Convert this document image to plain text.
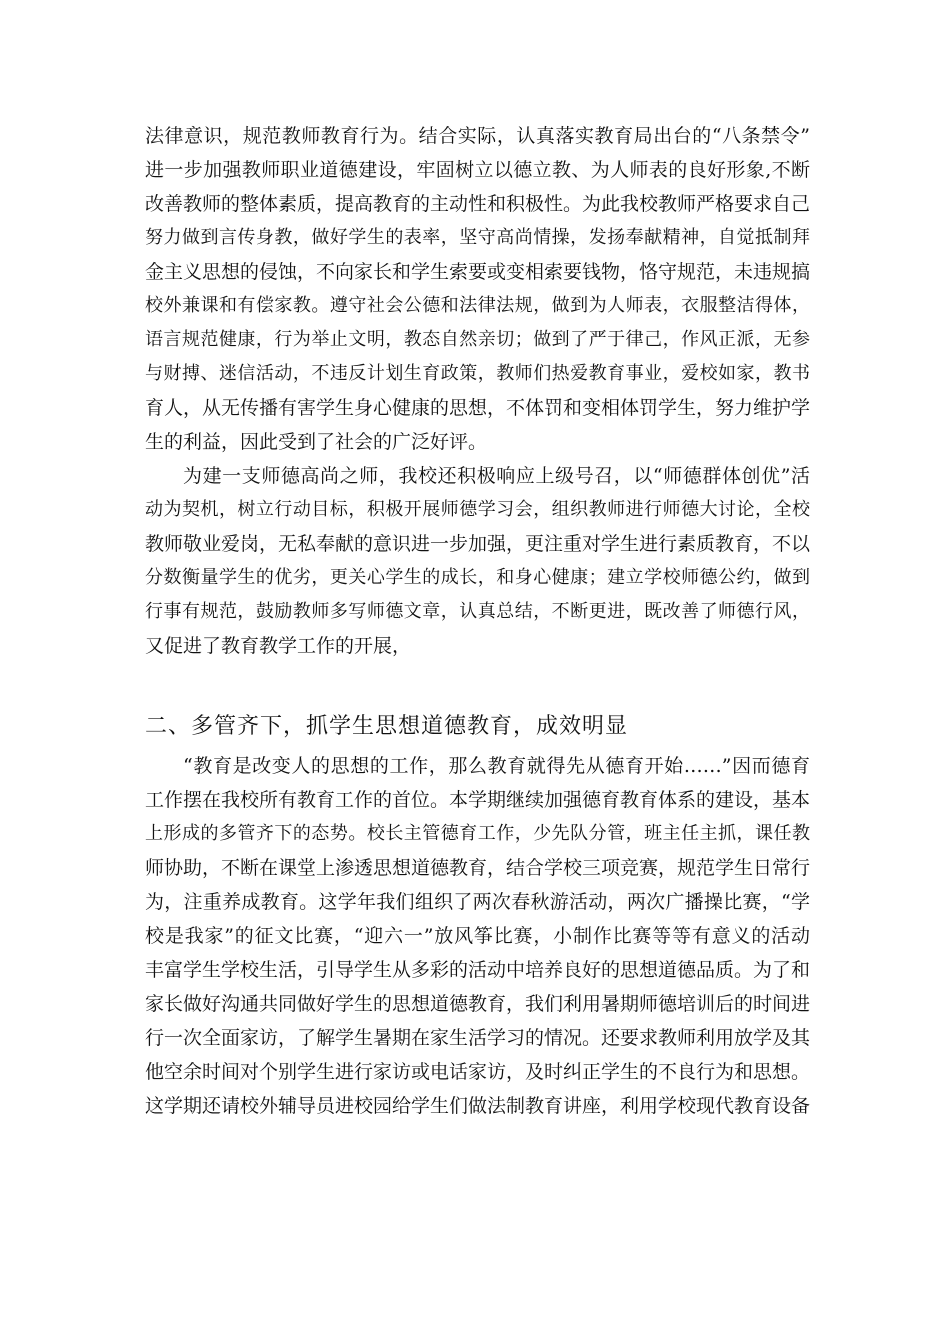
法律意识，规范教师教育行为。结合实际，认真落实教育局出台的“八条禁令”
进一步加强教师职业道德建设，牢固树立以德立教、为人师表的良好形象,不断
改善教师的整体素质，提高教育的主动性和积极性。为此我校教师严格要求自己
努力做到言传身教，做好学生的表率，坚守高尚情操，发扬奉献精神，自觉抵制拜
金主义思想的侵蚀，不向家长和学生索要或变相索要钱物，恪守规范，未违规搞
校外兼课和有偿家教。遵守社会公德和法律法规，做到为人师表，衣服整洁得体，
语言规范健康，行为举止文明，教态自然亲切；做到了严于律己，作风正派，无参
与财搏、迷信活动，不违反计划生育政策，教师们热爱教育事业，爱校如家，教书
育人，从无传播有害学生身心健康的思想，不体罚和变相体罚学生，努力维护学
生的利益，因此受到了社会的广泛好评。
为建一支师德高尚之师，我校还积极响应上级号召，以“师德群体创优”活
动为契机，树立行动目标，积极开展师德学习会，组织教师进行师德大讨论，全校
教师敬业爱岗，无私奉献的意识进一步加强，更注重对学生进行素质教育，不以
分数衡量学生的优劣，更关心学生的成长，和身心健康；建立学校师德公约，做到
行事有规范，鼓励教师多写师德文章，认真总结，不断更进，既改善了师德行风，
又促进了教育教学工作的开展，
二、多管齐下，抓学生思想道德教育，成效明显
“教育是改变人的思想的工作，那么教育就得先从德育开始……”因而德育
工作摆在我校所有教育工作的首位。本学期继续加强德育教育体系的建设，基本
上形成的多管齐下的态势。校长主管德育工作，少先队分管，班主任主抓，课任教
师协助，不断在课堂上渗透思想道德教育，结合学校三项竞赛，规范学生日常行
为，注重养成教育。这学年我们组织了两次春秋游活动，两次广播操比赛，“学
校是我家”的征文比赛，“迎六一”放风筝比赛，小制作比赛等等有意义的活动
丰富学生学校生活，引导学生从多彩的活动中培养良好的思想道德品质。为了和
家长做好沟通共同做好学生的思想道德教育，我们利用暑期师德培训后的时间进
行一次全面家访，了解学生暑期在家生活学习的情况。还要求教师利用放学及其
他空余时间对个别学生进行家访或电话家访，及时纠正学生的不良行为和思想。
这学期还请校外辅导员进校园给学生们做法制教育讲座，利用学校现代教育设备
